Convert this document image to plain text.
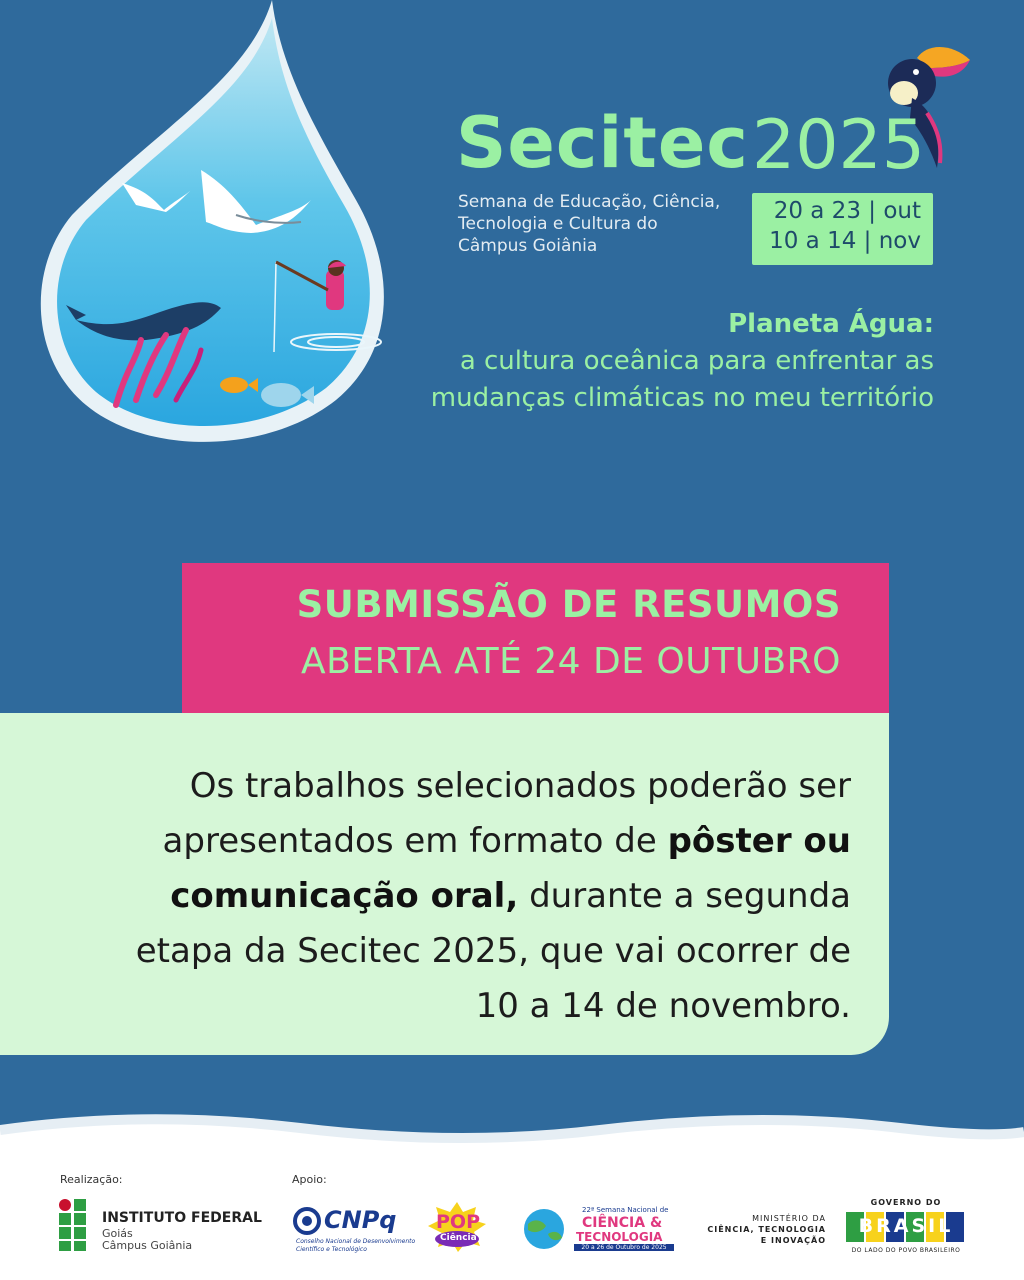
Secitec 2025
Semana de Educação, Ciência,
Tecnologia e Cultura do
Câmpus Goiânia
20 a 23 | out
10 a 14 | nov
Planeta Água:
a cultura oceânica para enfrentar as
mudanças climáticas no meu território
SUBMISSÃO DE RESUMOS
ABERTA ATÉ 24 DE OUTUBRO
Os trabalhos selecionados poderão ser apresentados em formato de pôster ou comunicação oral, durante a segunda etapa da Secitec 2025, que vai ocorrer de 10 a 14 de novembro.
Realização:	Apoio:
INSTITUTO FEDERAL
Goiás
Câmpus Goiânia
CNPq
Conselho Nacional de Desenvolvimento
Científico e Tecnológico
POP
Ciência
22ª Semana Nacional de
CIÊNCIA &
TECNOLOGIA
20 a 26 de Outubro de 2025
MINISTÉRIO DA
CIÊNCIA, TECNOLOGIA
E INOVAÇÃO
GOVERNO DO
BRASIL
DO LADO DO POVO BRASILEIRO
